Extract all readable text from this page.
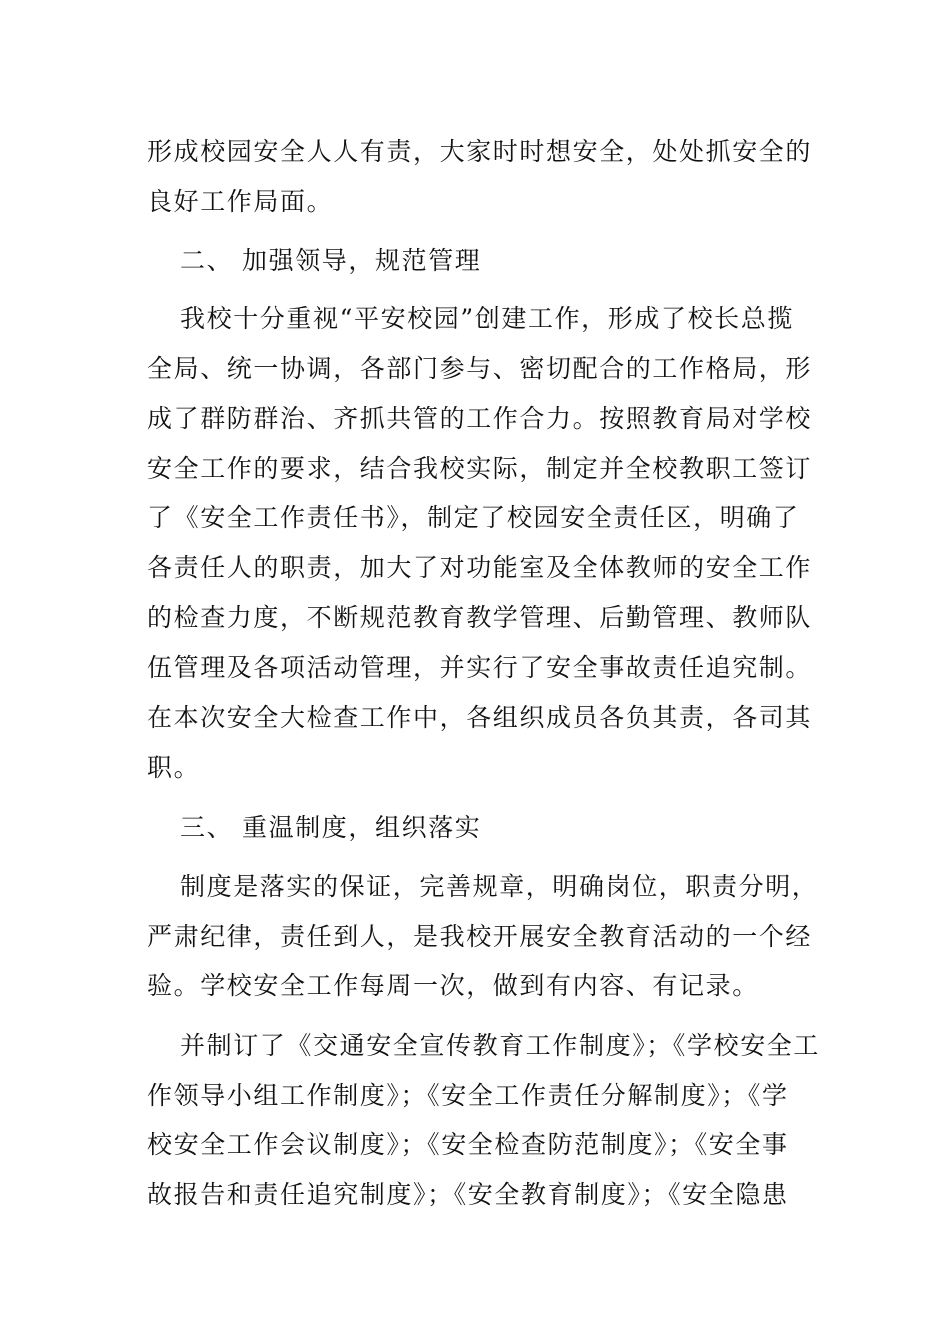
形成校园安全人人有责，大家时时想安全，处处抓安全的

良好工作局面。

二、 加强领导，规范管理

我校十分重视“平安校园”创建工作，形成了校长总揽

全局、统一协调，各部门参与、密切配合的工作格局，形

成了群防群治、齐抓共管的工作合力。按照教育局对学校

安全工作的要求，结合我校实际，制定并全校教职工签订

了《安全工作责任书》，制定了校园安全责任区，明确了

各责任人的职责，加大了对功能室及全体教师的安全工作

的检查力度，不断规范教育教学管理、后勤管理、教师队

伍管理及各项活动管理，并实行了安全事故责任追究制。

在本次安全大检查工作中，各组织成员各负其责，各司其

职。

三、 重温制度，组织落实

制度是落实的保证，完善规章，明确岗位，职责分明，

严肃纪律，责任到人，是我校开展安全教育活动的一个经

验。学校安全工作每周一次，做到有内容、有记录。

并制订了《交通安全宣传教育工作制度》；《学校安全工

作领导小组工作制度》；《安全工作责任分解制度》；《学

校安全工作会议制度》；《安全检查防范制度》；《安全事

故报告和责任追究制度》；《安全教育制度》；《安全隐患
